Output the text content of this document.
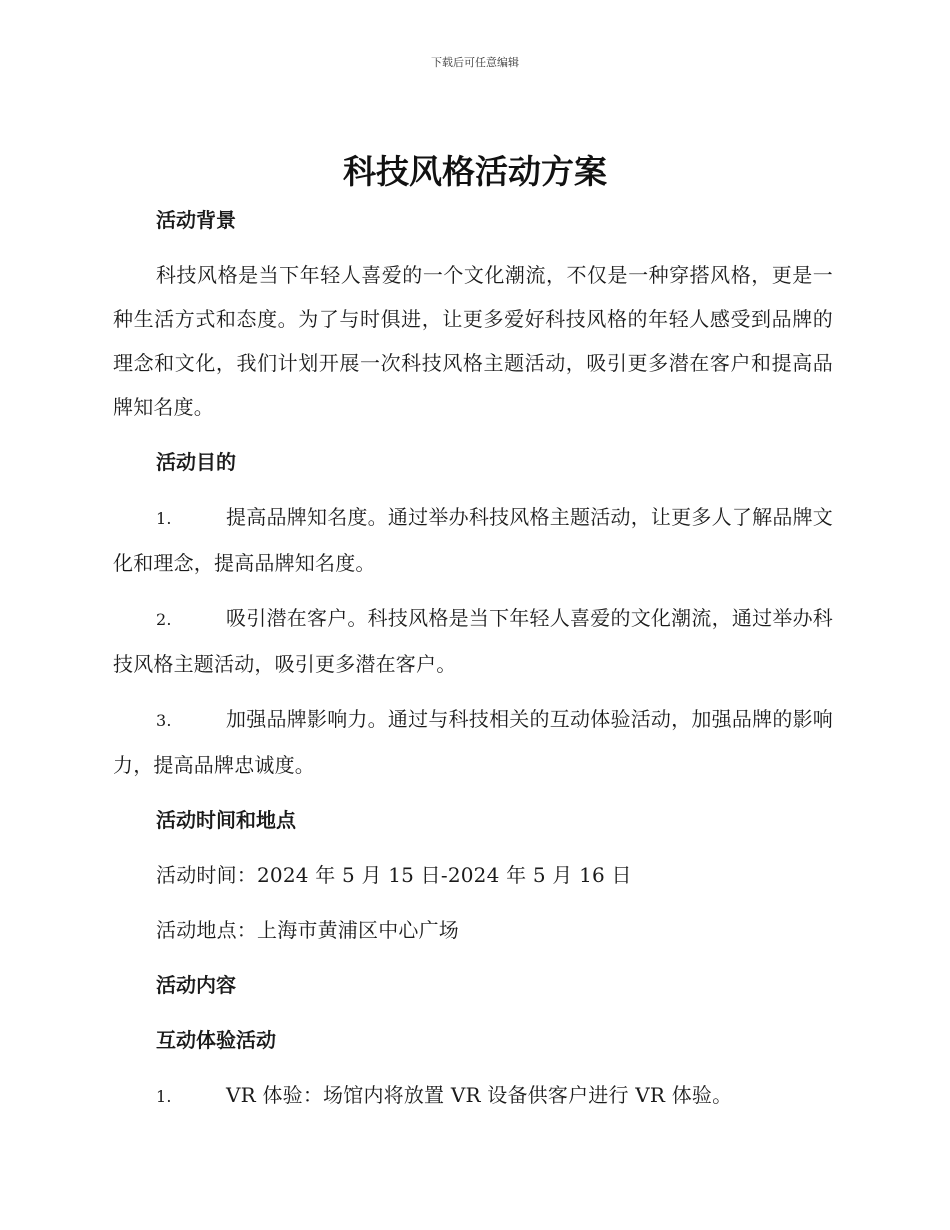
下载后可任意编辑
科技风格活动方案
活动背景

科技风格是当下年轻人喜爱的一个文化潮流，不仅是一种穿搭风格，更是一种生活方式和态度。为了与时俱进，让更多爱好科技风格的年轻人感受到品牌的理念和文化，我们计划开展一次科技风格主题活动，吸引更多潜在客户和提高品牌知名度。

活动目的

1.	提高品牌知名度。通过举办科技风格主题活动，让更多人了解品牌文化和理念，提高品牌知名度。

2.	吸引潜在客户。科技风格是当下年轻人喜爱的文化潮流，通过举办科技风格主题活动，吸引更多潜在客户。

3.	加强品牌影响力。通过与科技相关的互动体验活动，加强品牌的影响力，提高品牌忠诚度。

活动时间和地点

活动时间：2024 年 5 月 15 日-2024 年 5 月 16 日

活动地点：上海市黄浦区中心广场

活动内容
互动体验活动

1.	VR 体验：场馆内将放置 VR 设备供客户进行 VR 体验。
